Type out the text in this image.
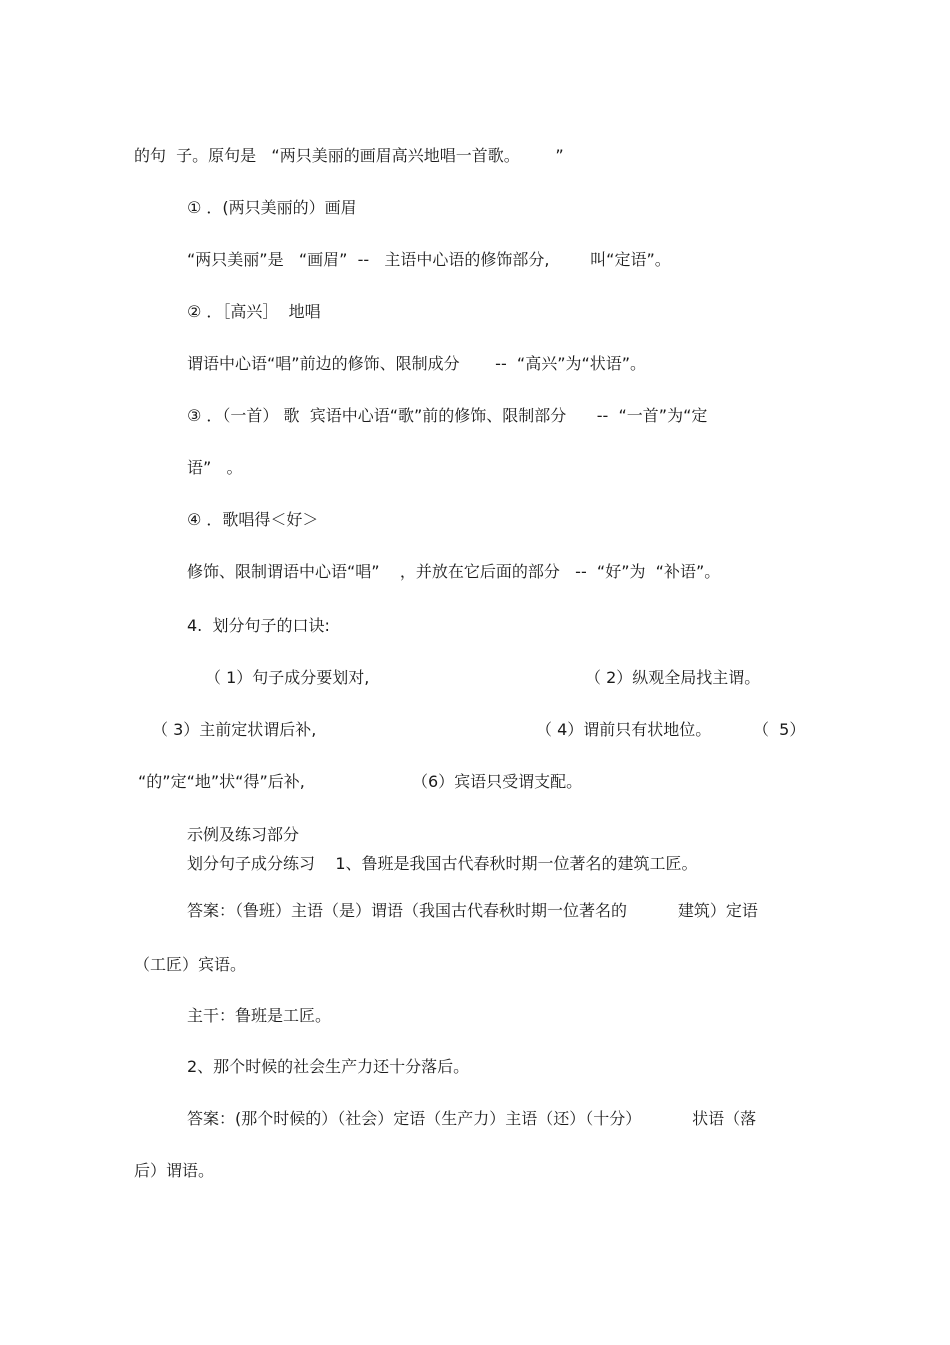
的句  子。原句是   “两只美丽的画眉高兴地唱一首歌。       ”
① ．(两只美丽的）画眉
“两只美丽”是   “画眉”  --   主语中心语的修饰部分,        叫“定语”。
② ．［高兴］  地唱
谓语中心语“唱”前边的修饰、限制成分       --  “高兴”为“状语”。
③ ．（一首） 歌  宾语中心语“歌”前的修饰、限制部分      --  “一首”为“定
语”   。
④ ．歌唱得＜好＞
修饰、限制谓语中心语“唱”    ，并放在它后面的部分   --  “好”为  “补语”。
4.  划分句子的口诀:
（ 1）句子成分要划对,	（ 2）纵观全局找主谓。
（ 3）主前定状谓后补,	（ 4）谓前只有状地位。	（  5）
“的”定“地”状“得”后补,	（6）宾语只受谓支配。
示例及练习部分
划分句子成分练习    1、鲁班是我国古代春秋时期一位著名的建筑工匠。
答案：（鲁班）主语（是）谓语（我国古代春秋时期一位著名的          建筑）定语
（工匠）宾语。
主干：鲁班是工匠。
2、那个时候的社会生产力还十分落后。
答案：(那个时候的）（社会）定语（生产力）主语（还）（十分）          状语（落
后）谓语。
